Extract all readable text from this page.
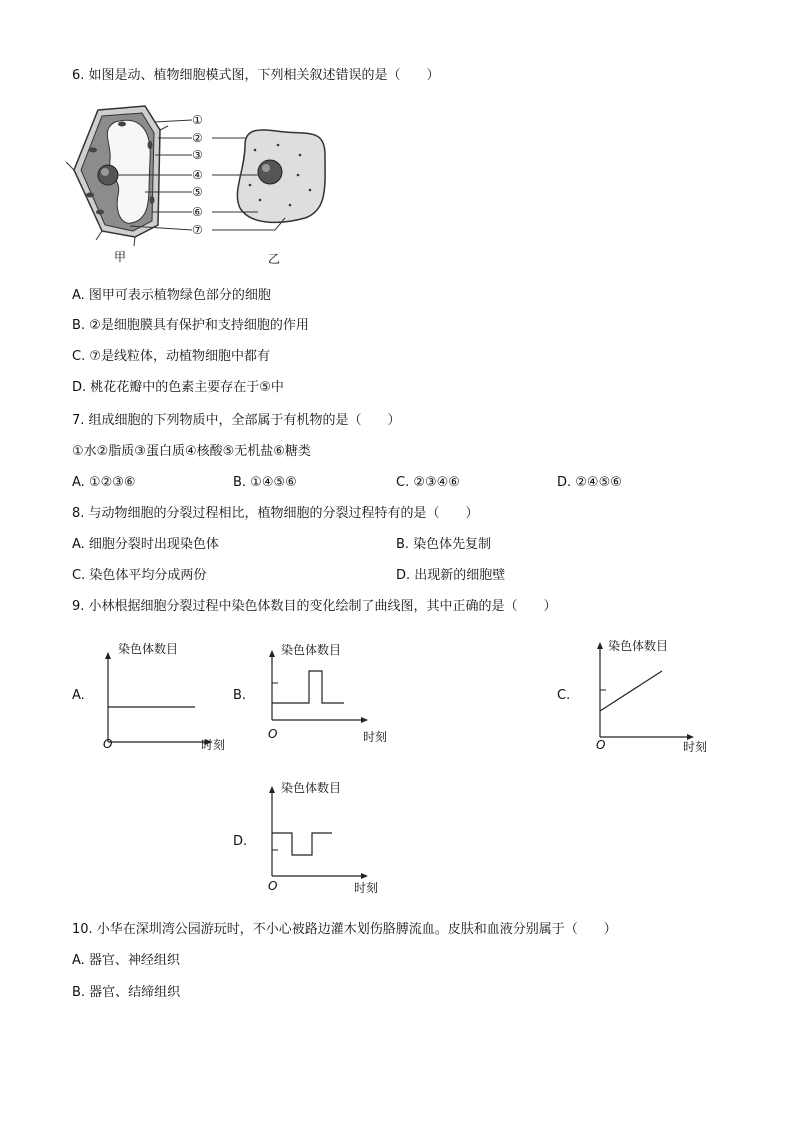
6. 如图是动、植物细胞模式图，下列相关叙述错误的是（　　）
①
②
③
④
⑤
⑥
⑦
甲	乙
A. 图甲可表示植物绿色部分的细胞
B. ②是细胞膜具有保护和支持细胞的作用
C. ⑦是线粒体，动植物细胞中都有
D. 桃花花瓣中的色素主要存在于⑤中
7. 组成细胞的下列物质中，全部属于有机物的是（　　）
①水②脂质③蛋白质④核酸⑤无机盐⑥糖类
A. ①②③⑥	B. ①④⑤⑥	C. ②③④⑥	D. ②④⑤⑥
8. 与动物细胞的分裂过程相比，植物细胞的分裂过程特有的是（　　）
A. 细胞分裂时出现染色体	B. 染色体先复制
C. 染色体平均分成两份	D. 出现新的细胞壁
9. 小林根据细胞分裂过程中染色体数目的变化绘制了曲线图，其中正确的是（　　）
A.
染色体数目
O	时刻
B.
染色体数目
O	时刻
C.
染色体数目
O	时刻
D.
染色体数目
O	时刻
10. 小华在深圳湾公园游玩时，不小心被路边灌木划伤胳膊流血。皮肤和血液分别属于（　　）
A. 器官、神经组织
B. 器官、结缔组织
